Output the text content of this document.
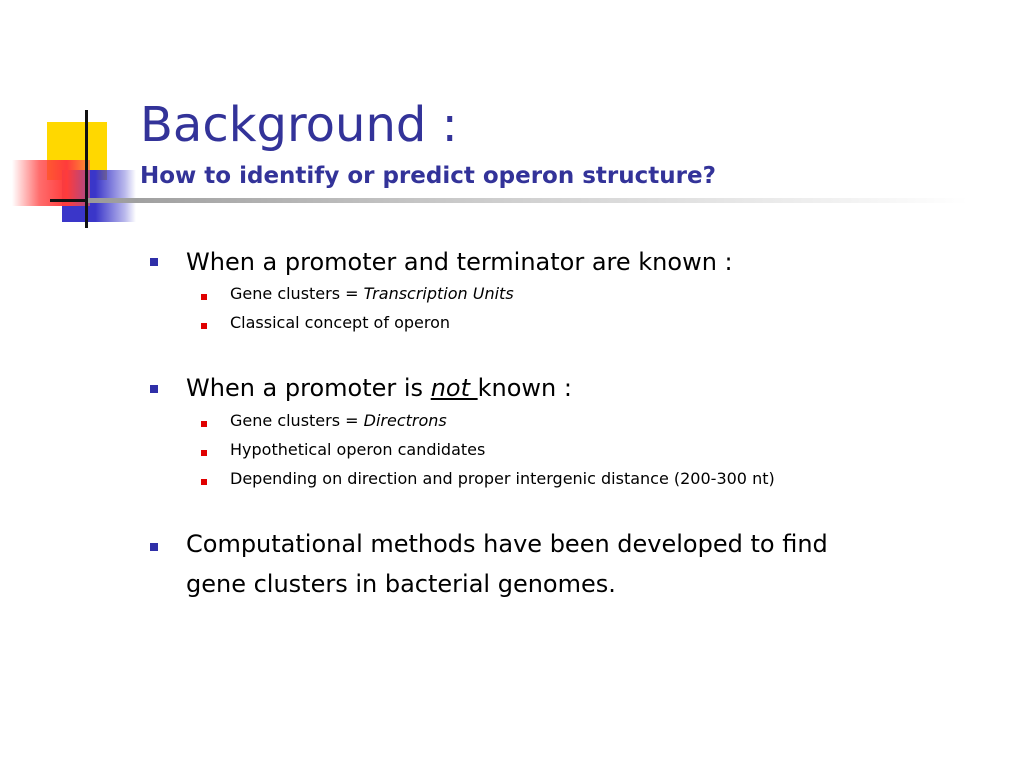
Background :
How to identify or predict operon structure?
When a promoter and terminator are known :
Gene clusters = Transcription Units
Classical concept of operon
When a promoter is not known :
Gene clusters = Directrons
Hypothetical operon candidates
Depending on direction and proper intergenic distance (200-300 nt)
Computational methods have been developed to find
gene clusters in bacterial genomes.
